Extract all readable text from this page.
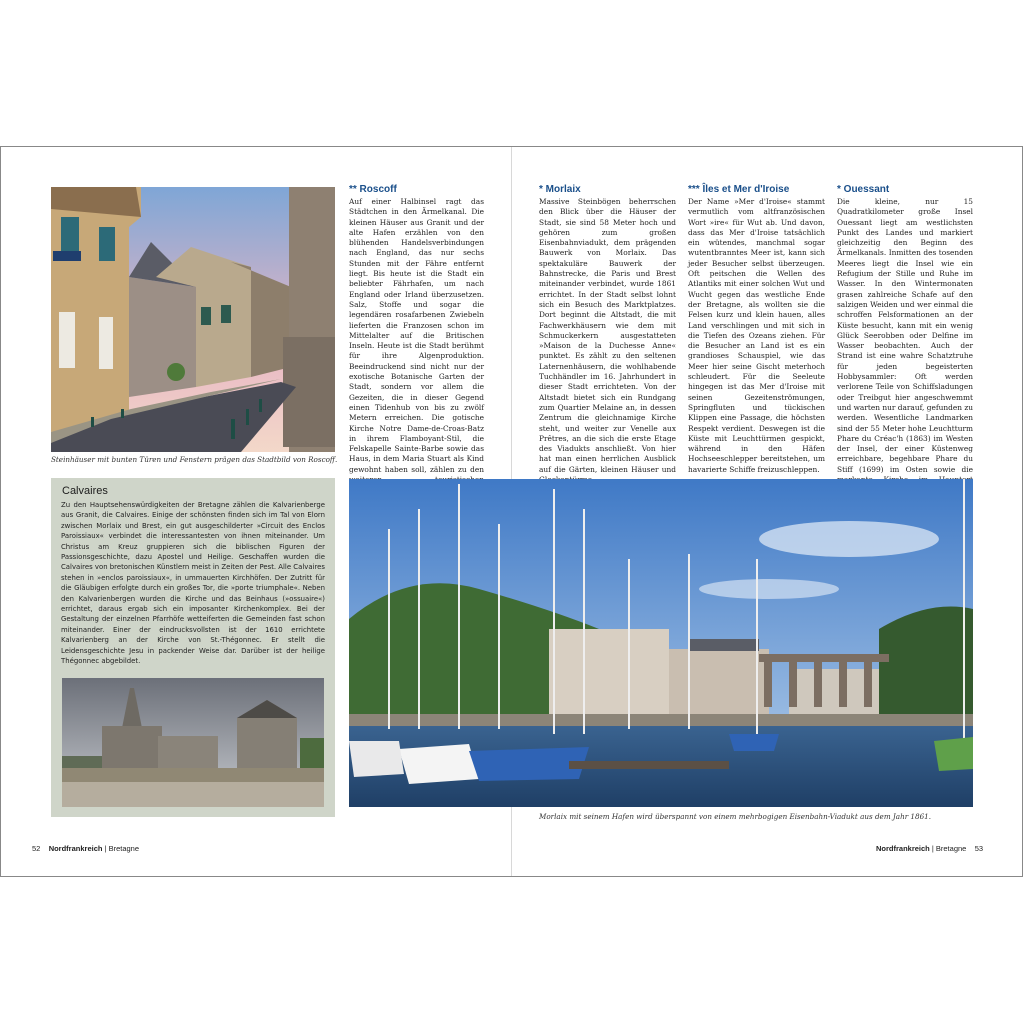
Steinhäuser mit bunten Türen und Fenstern prägen das Stadtbild von Roscoff.
** Roscoff
Auf einer Halbinsel ragt das Städtchen in den Ärmelkanal. Die kleinen Häuser aus Granit und der alte Hafen erzählen von den blühenden Handelsverbindungen nach England, das nur sechs Stunden mit der Fähre entfernt liegt. Bis heute ist die Stadt ein beliebter Fährhafen, um nach England oder Irland überzusetzen. Salz, Stoffe und sogar die legendären rosafarbenen Zwiebeln lieferten die Franzosen schon im Mittelalter auf die Britischen Inseln. Heute ist die Stadt berühmt für ihre Algenproduktion. Beeindruckend sind nicht nur der exotische Botanische Garten der Stadt, sondern vor allem die Gezeiten, die in dieser Gegend einen Tidenhub von bis zu zwölf Metern erreichen. Die gotische Kirche Notre Dame-de-Croas-Batz in ihrem Flamboyant-Stil, die Felskapelle Sainte-Barbe sowie das Haus, in dem Maria Stuart als Kind gewohnt haben soll, zählen zu den
Calvaires
Zu den Hauptsehenswürdigkeiten der Bretagne zählen die Kalvarienberge aus Granit, die Calvaires. Einige der schönsten finden sich im Tal von Elorn zwischen Morlaix und Brest, ein gut ausgeschilderter »Circuit des Enclos Paroissiaux« verbindet die interessantesten von ihnen miteinander. Um Christus am Kreuz gruppieren sich die biblischen Figuren der Passionsgeschichte, dazu Apostel und Heilige. Geschaffen wurden die Calvaires von bretonischen Künstlern meist in Zeiten der Pest. Alle Calvaires stehen in »enclos paroissiaux«, in ummauerten Kirchhöfen. Der Zutritt für die Gläubigen erfolgte durch ein großes Tor, die »porte triumphale«. Neben den Kalvarienbergen wurden die Kirche und das Beinhaus (»ossuaire«) errichtet, daraus ergab sich ein imposanter Kirchenkomplex. Bei der Gestaltung der einzelnen Pfarrhöfe wetteiferten die Gemeinden fast schon miteinander. Einer der eindrucksvollsten ist der 1610 errichtete Kalvarienberg an der Kirche von St.-Thégonnec. Er stellt die Leidensgeschichte Jesu in packender Weise dar. Darüber ist der heilige Thégonnec abgebildet.
52 Nordfrankreich | Bretagne
* Morlaix
Massive Steinbögen beherrschen den Blick über die Häuser der Stadt, sie sind 58 Meter hoch und gehören zum großen Eisenbahnviadukt, dem prägenden Bauwerk von Morlaix. Das spektakuläre Bauwerk der Bahnstrecke, die Paris und Brest miteinander verbindet, wurde 1861 errichtet. In der Stadt selbst lohnt sich ein Besuch des Marktplatzes. Dort beginnt die Altstadt, die mit Fachwerkhäusern wie dem mit Schmuckerkern ausgestatteten »Maison de la Duchesse Anne« punktet. Es zählt zu den seltenen Laternenhäusern, die wohlhabende Tuchhändler im 16. Jahrhundert in dieser Stadt errichteten. Von der Altstadt bietet sich ein Rundgang zum Quartier Melaine an, in dessen Zentrum die gleichnamige Kirche steht, und weiter zur Venelle aux Prêtres, an die sich die erste Etage des Viadukts anschließt. Von hier hat man einen herrlichen Ausblick auf die Gärten, kleinen Häuser und
*** Îles et Mer d'Iroise
Der Name »Mer d'Iroise« stammt vermutlich vom altfranzösischen Wort »ire« für Wut ab. Und davon, dass das Mer d'Iroise tatsächlich ein wütendes, manchmal sogar wutentbranntes Meer ist, kann sich jeder Besucher selbst überzeugen. Oft peitschen die Wellen des Atlantiks mit einer solchen Wut und Wucht gegen das westliche Ende der Bretagne, als wollten sie die Felsen kurz und klein hauen, alles Land verschlingen und mit sich in die Tiefen des Ozeans ziehen. Für die Besucher an Land ist es ein grandioses Schauspiel, wie das Meer hier seine Gischt meterhoch schleudert. Für die Seeleute hingegen ist das Mer d'Iroise mit seinen Gezeitenströmungen, Springfluten und tückischen Klippen eine Passage, die höchsten Respekt verdient. Deswegen ist die Küste mit Leuchttürmen gespickt, während in den Häfen Hochseeschlepper bereitstehen, um havarierte Schiffe freizuschleppen.
* Ouessant
Die kleine, nur 15 Quadratkilometer große Insel Ouessant liegt am westlichsten Punkt des Landes und markiert gleichzeitig den Beginn des Ärmelkanals. Inmitten des tosenden Meeres liegt die Insel wie ein Refugium der Stille und Ruhe im Wasser. In den Wintermonaten grasen zahlreiche Schafe auf den salzigen Weiden und wer einmal die schroffen Felsformationen an der Küste besucht, kann mit ein wenig Glück Seerobben oder Delfine im Wasser beobachten. Auch der Strand ist eine wahre Schatztruhe für jeden begeisterten Hobbysammler: Oft werden verlorene Teile von Schiffsladungen oder Treibgut hier angeschwemmt und warten nur darauf, gefunden zu werden. Wesentliche Landmarken sind der 55 Meter hohe Leuchtturm Phare du Créac'h (1863) im Westen der Insel, der einer Küstenweg erreichbare, begehbare Phare du Stiff (1699) im Osten sowie die
Morlaix mit seinem Hafen wird überspannt von einem mehrbogigen Eisenbahn-Viadukt aus dem Jahr 1861.
Nordfrankreich | Bretagne 53
